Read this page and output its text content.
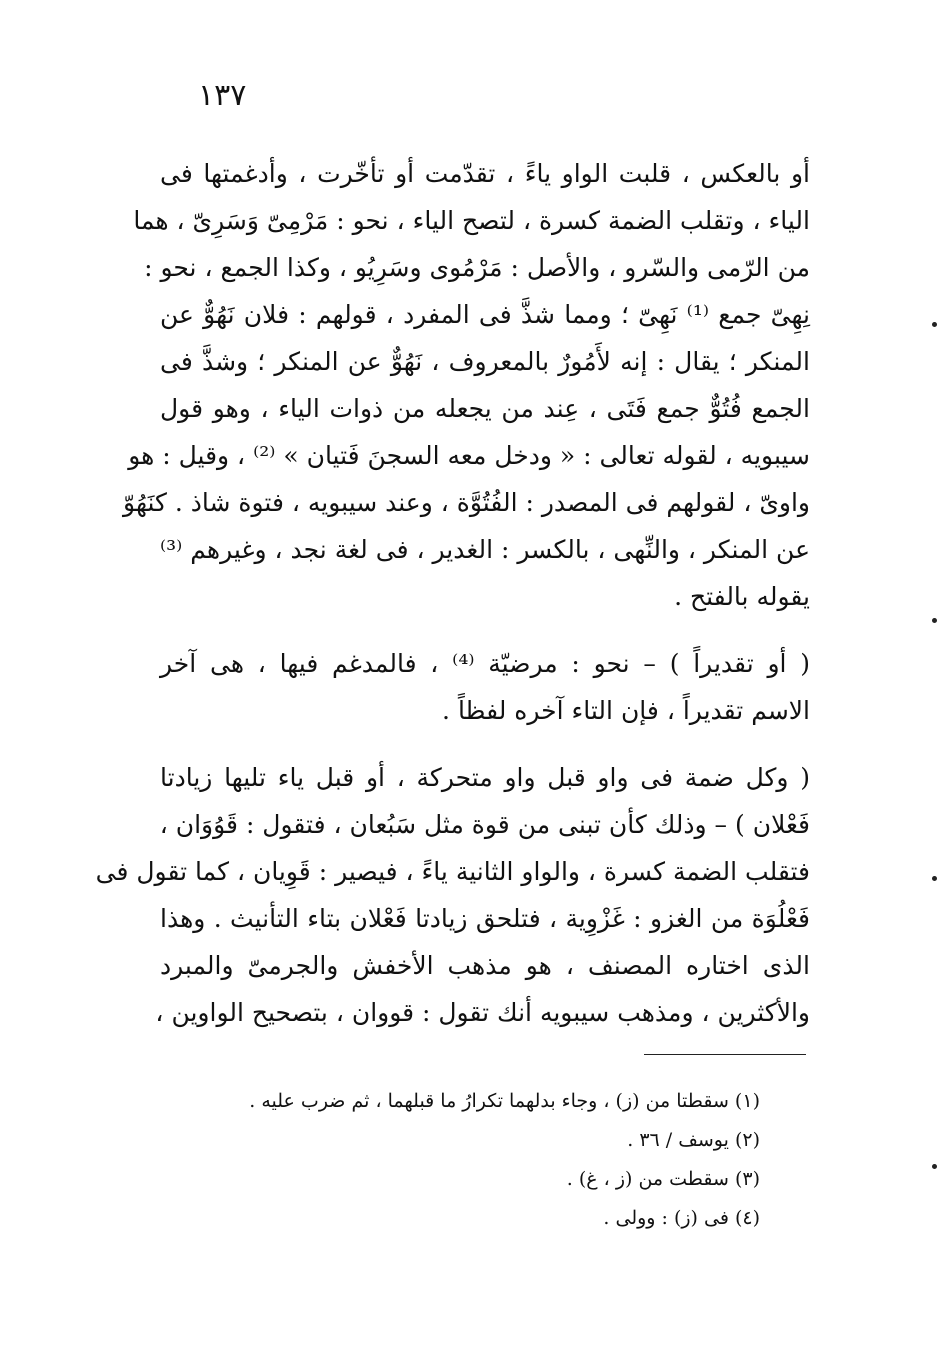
١٣٧
أو بالعكس ، قلبت الواو ياءً ، تقدّمت أو تأخّرت ، وأدغمتها فى
الياء ، وتقلب الضمة كسرة ، لتصح الياء ، نحو : مَرْمِىّ وَسَرِىّ ، هما
من الرّمى والسّرو ، والأصل : مَرْمُوى وسَرِيُو ، وكذا الجمع ، نحو :
نِهِىّ جمع ⁽¹⁾ نَهِىّ ؛ ومما شذَّ فى المفرد ، قولهم : فلان نَهُوٌّ عن
المنكر ؛ يقال : إنه لأَمُورٌ بالمعروف ، نَهُوٌّ عن المنكر ؛ وشذَّ فى
الجمع فُتُوٌّ جمع فَتَى ، عِند من يجعله من ذوات الياء ، وهو قول
سيبويه ، لقوله تعالى : « ودخل معه السجنَ فَتيان » ⁽²⁾ ، وقيل : هو
واوىّ ، لقولهم فى المصدر : الفُتُوَّة ، وعند سيبويه ، فتوة شاذ . كنَهُوّ
عن المنكر ، والنِّهى ، بالكسر : الغدير ، فى لغة نجد ، وغيرهم ⁽³⁾
يقوله بالفتح .
( أو تقديراً ) – نحو : مرضيّة ⁽⁴⁾ ، فالمدغم فيها ، هى آخر
الاسم تقديراً ، فإن التاء آخره لفظاً .
( وكل ضمة فى واو قبل واو متحركة ، أو قبل ياء تليها زيادتا
فَعْلان ) – وذلك كأن تبنى من قوة مثل سَبُعان ، فتقول : قَوُوَان ،
فتقلب الضمة كسرة ، والواو الثانية ياءً ، فيصير : قَوِيان ، كما تقول فى
فَعْلُوَة من الغزو : غَزْوِية ، فتلحق زيادتا فَعْلان بتاء التأنيث . وهذا
الذى اختاره المصنف ، هو مذهب الأخفش والجرمىّ والمبرد
والأكثرين ، ومذهب سيبويه أنك تقول : قووان ، بتصحيح الواوين ،
(١) سقطتا من (ز) ، وجاء بدلهما تكرارُ ما قبلهما ، ثم ضرب عليه .
(٢) يوسف / ٣٦ .
(٣) سقطت من (ز ، غ) .
(٤) فى (ز) : وولى .
